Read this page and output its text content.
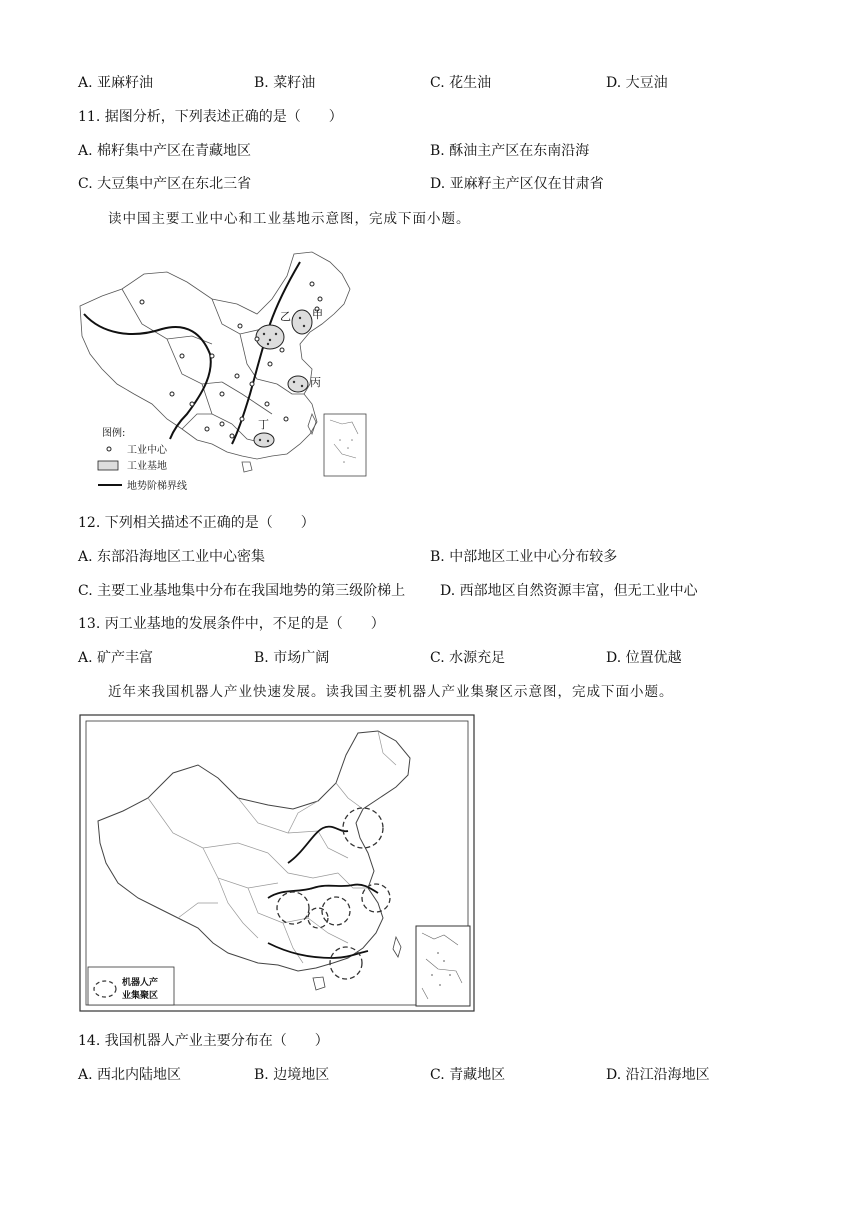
A. 亚麻籽油	B. 菜籽油	C. 花生油	D. 大豆油
11. 据图分析，下列表述正确的是（　　）
A. 棉籽集中产区在青藏地区	B. 酥油主产区在东南沿海
C. 大豆集中产区在东北三省	D. 亚麻籽主产区仅在甘肃省
读中国主要工业中心和工业基地示意图，完成下面小题。
乙 甲
丙
丁
图例:
工业中心
工业基地
地势阶梯界线
12. 下列相关描述不正确的是（　　）
A. 东部沿海地区工业中心密集	B. 中部地区工业中心分布较多
C. 主要工业基地集中分布在我国地势的第三级阶梯上 D. 西部地区自然资源丰富，但无工业中心
13. 丙工业基地的发展条件中，不足的是（　　）
A. 矿产丰富	B. 市场广阔	C. 水源充足	D. 位置优越
近年来我国机器人产业快速发展。读我国主要机器人产业集聚区示意图，完成下面小题。
机器人产
业集聚区
14. 我国机器人产业主要分布在（　　）
A. 西北内陆地区	B. 边境地区	C. 青藏地区	D. 沿江沿海地区
